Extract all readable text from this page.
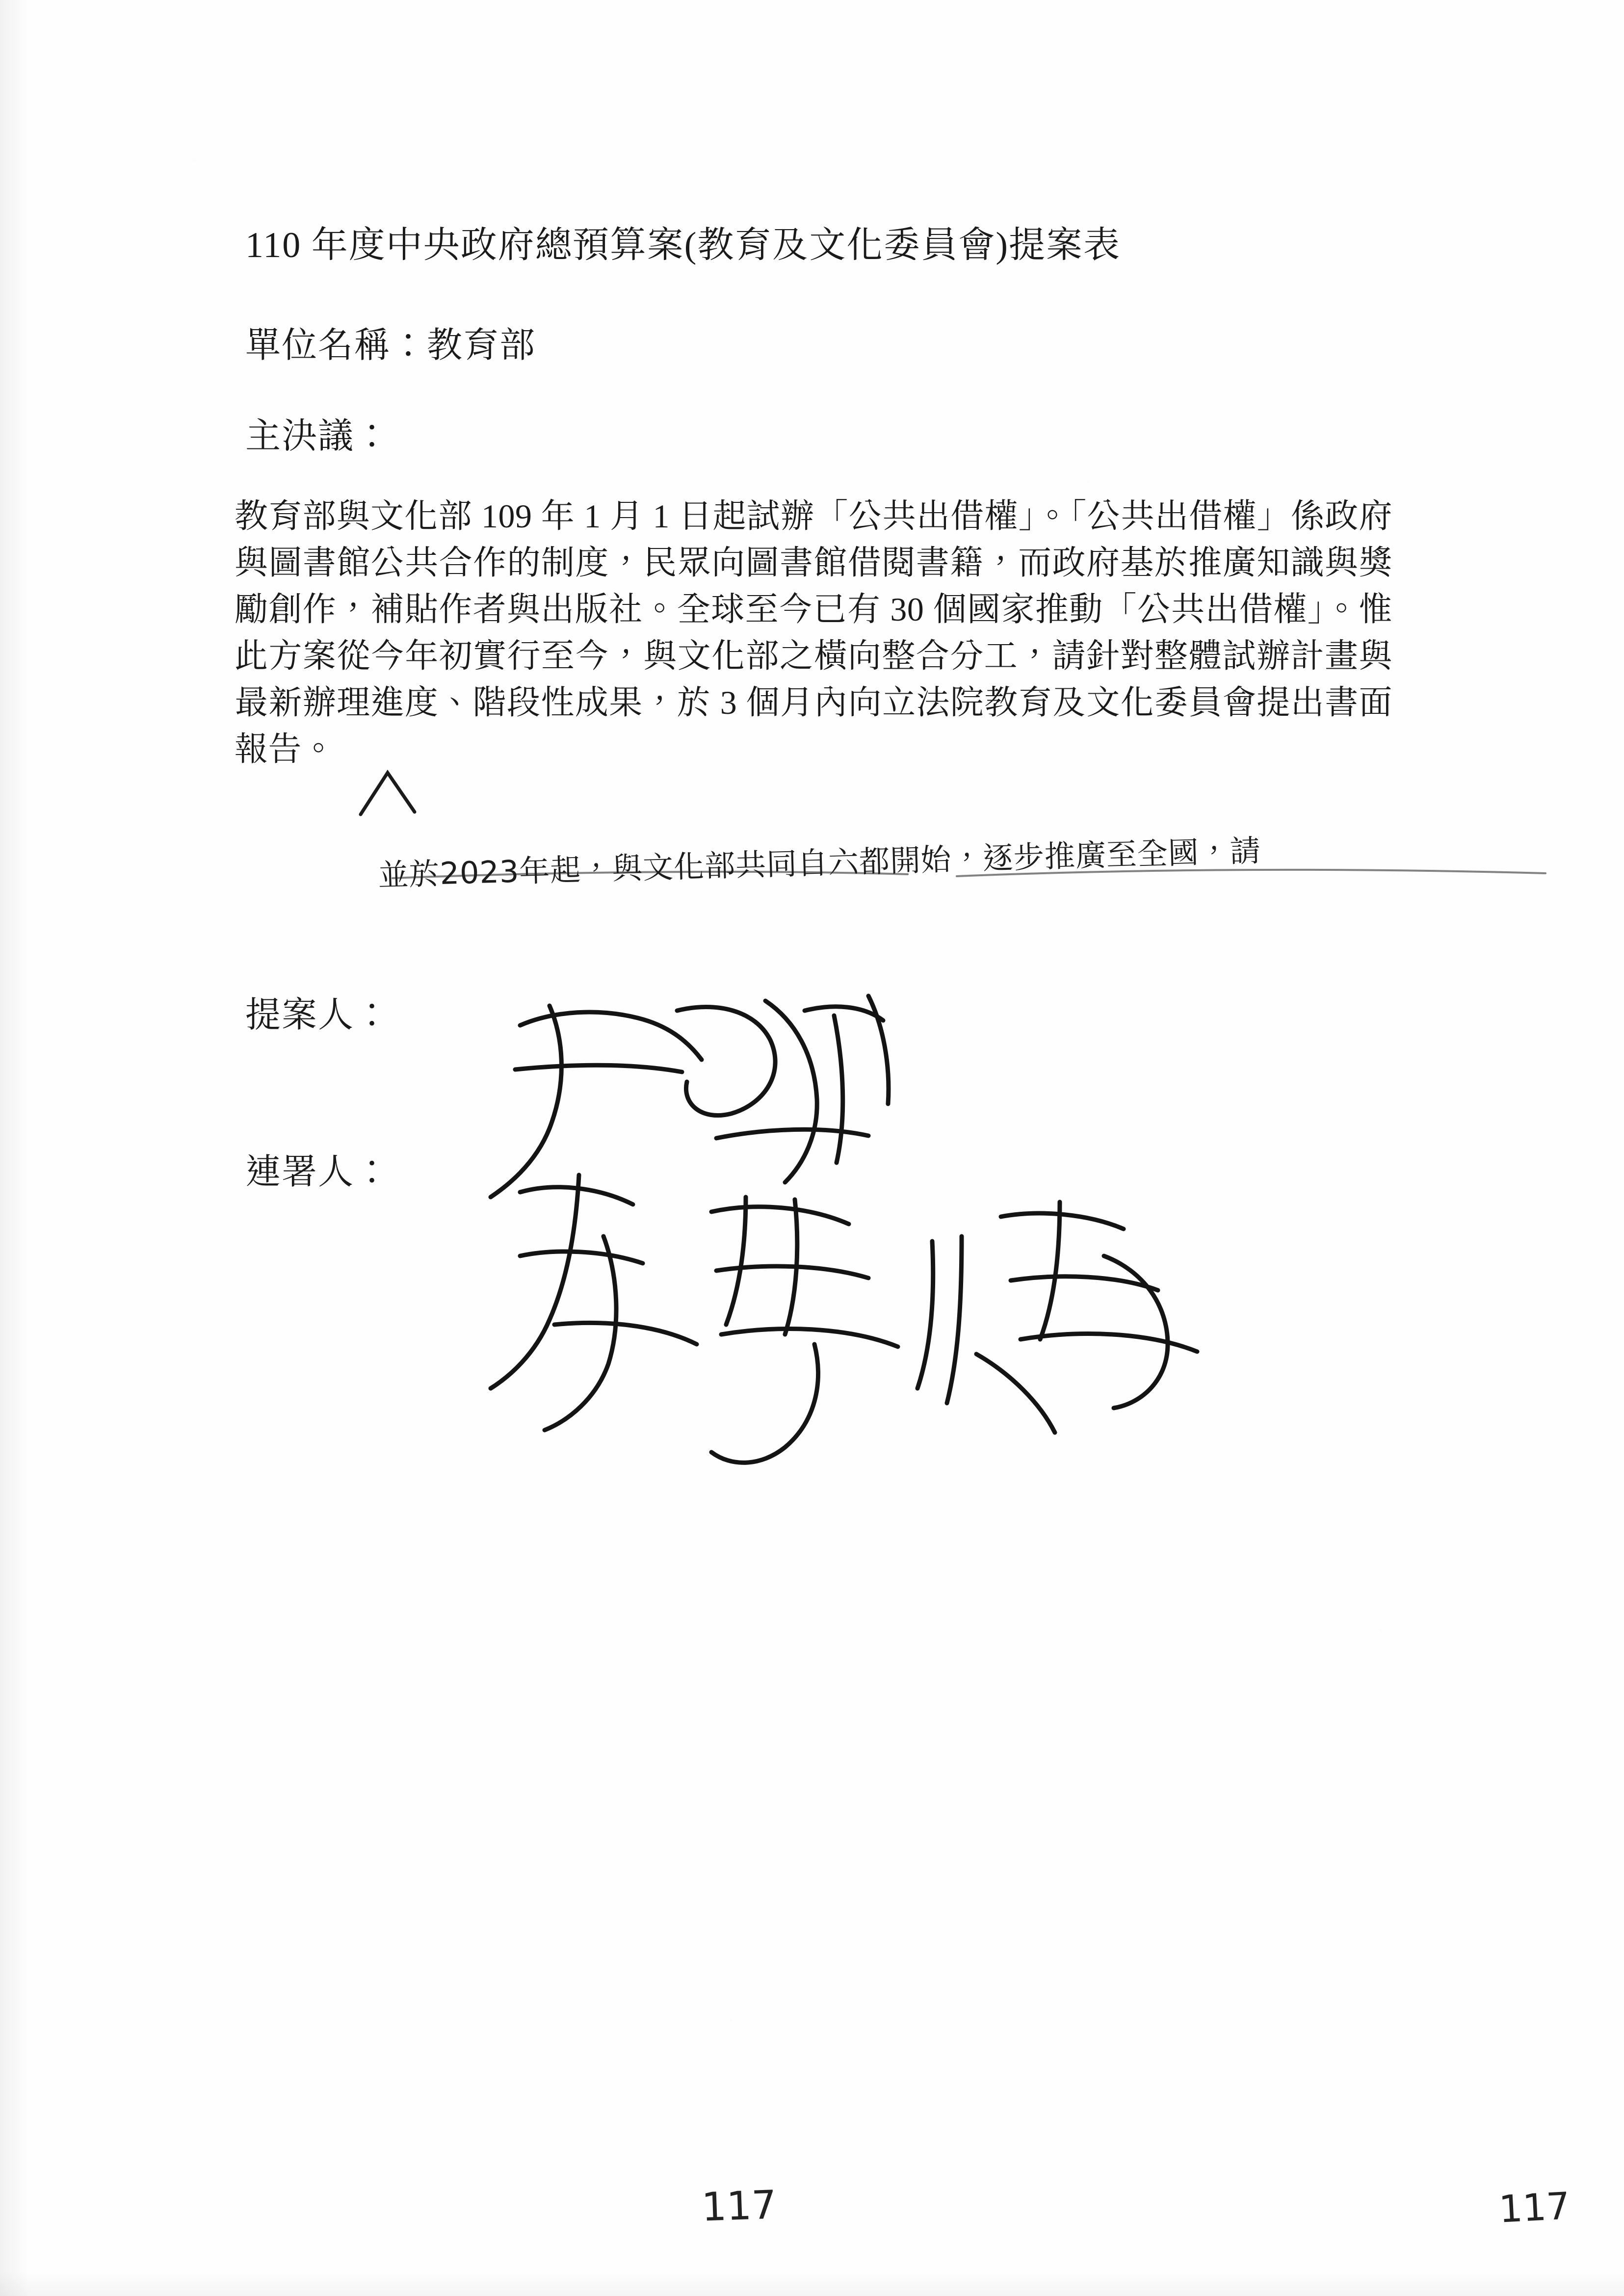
110 年度中央政府總預算案(教育及文化委員會)提案表
單位名稱：教育部
主決議：
教育部與文化部 109 年 1 月 1 日起試辦「公共出借權」。「公共出借權」係政府與圖書館公共合作的制度，民眾向圖書館借閱書籍，而政府基於推廣知識與獎勵創作，補貼作者與出版社。全球至今已有 30 個國家推動「公共出借權」。惟此方案從今年初實行至今，與文化部之橫向整合分工，請針對整體試辦計畫與最新辦理進度、階段性成果，於 3 個月內向立法院教育及文化委員會提出書面報告。
提案人：
連署人：
117	117
並於2023年起，與文化部共同自六都開始，逐步推廣至全國，請
